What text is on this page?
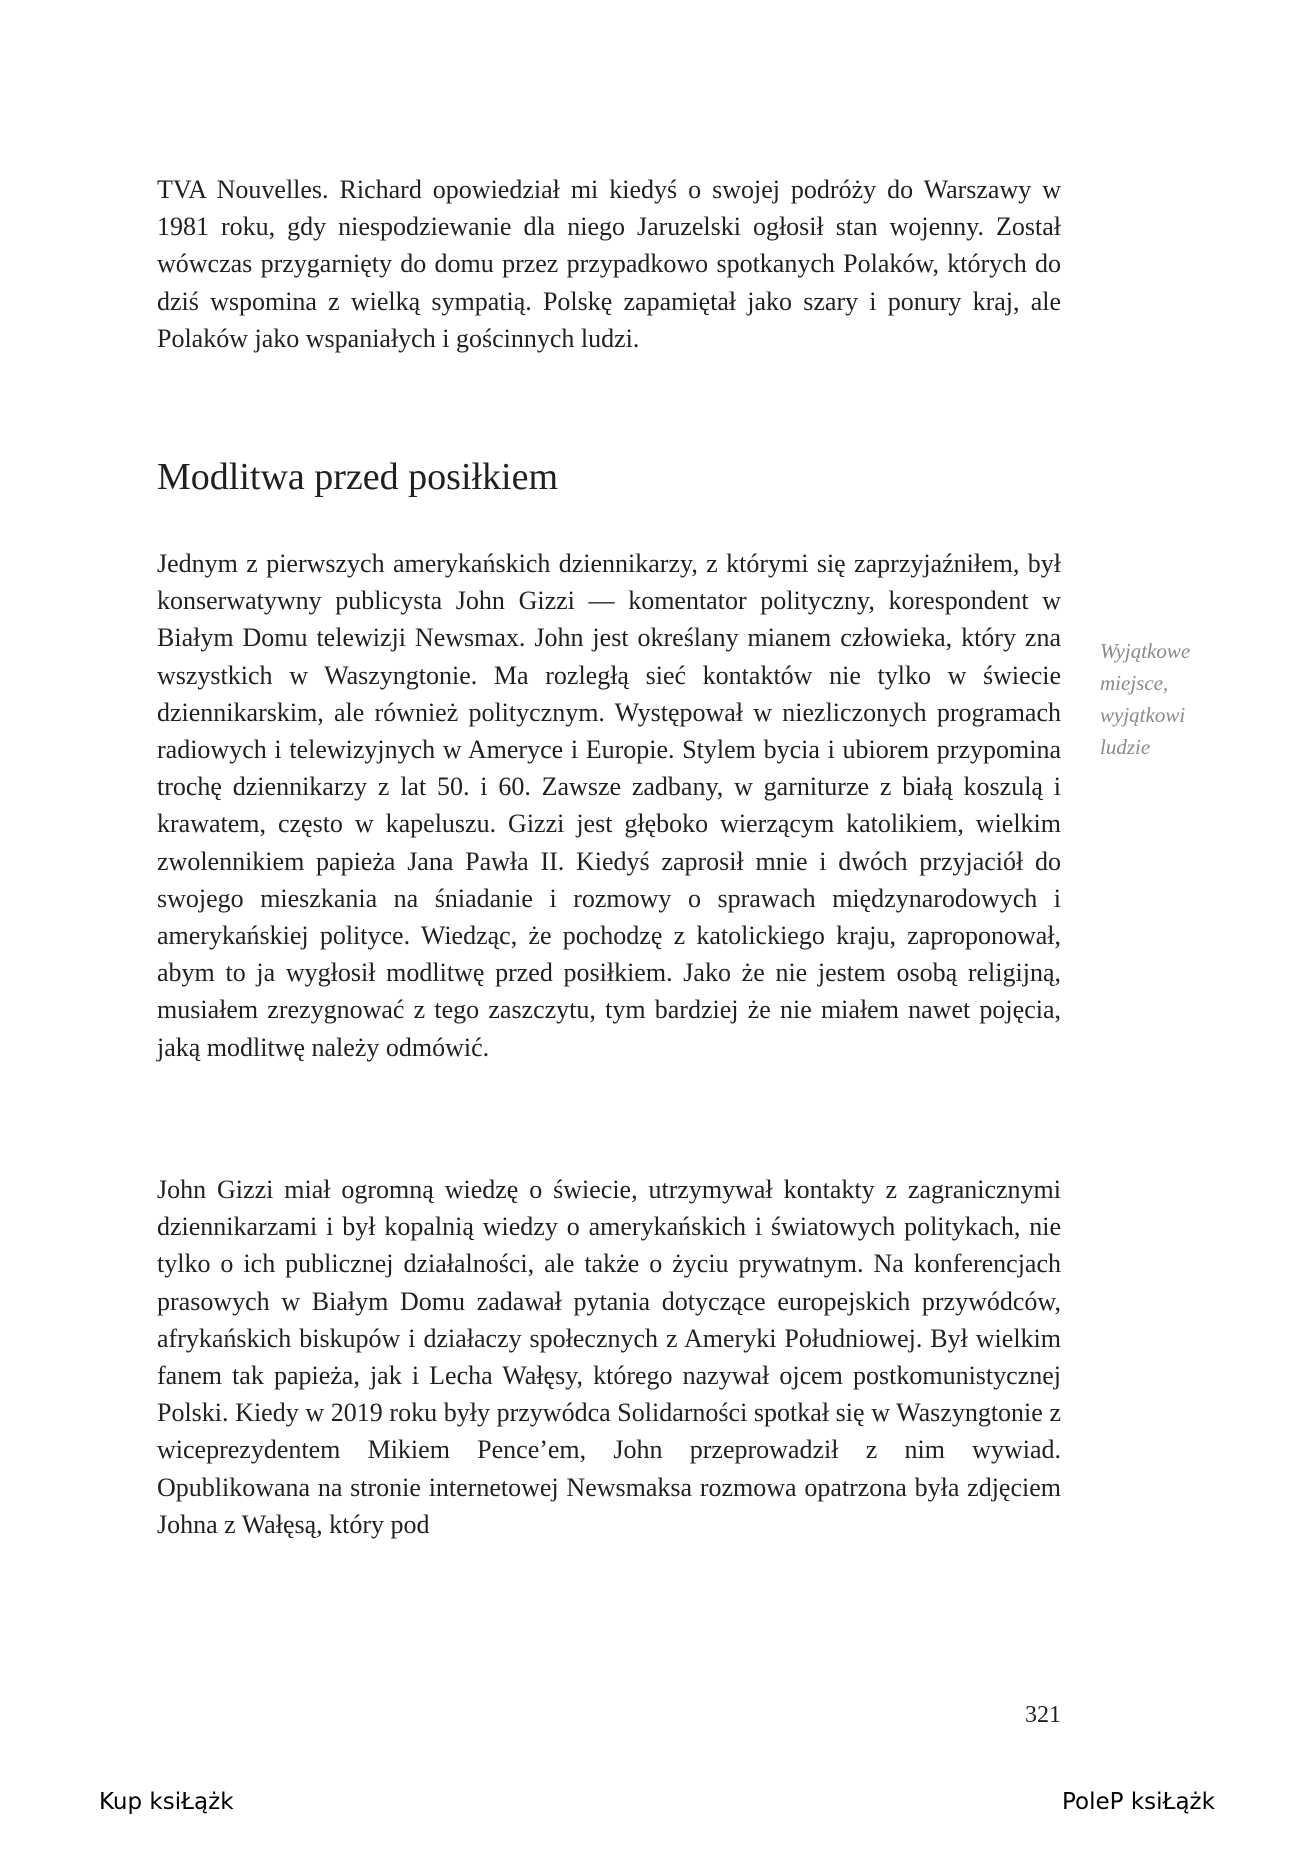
TVA Nouvelles. Richard opowiedział mi kiedyś o swojej podróży do Warszawy w 1981 roku, gdy niespodziewanie dla niego Jaruzelski ogłosił stan wojenny. Został wówczas przygarnięty do domu przez przypadkowo spotkanych Polaków, których do dziś wspomina z wielką sympatią. Polskę zapamiętał jako szary i ponury kraj, ale Polaków jako wspaniałych i gościnnych ludzi.

Modlitwa przed posiłkiem

Jednym z pierwszych amerykańskich dziennikarzy, z którymi się zaprzyjaźniłem, był konserwatywny publicysta John Gizzi — komentator polityczny, korespondent w Białym Domu telewizji Newsmax. John jest określany mianem człowieka, który zna wszystkich w Waszyngtonie. Ma rozległą sieć kontaktów nie tylko w świecie dziennikarskim, ale również politycznym. Występował w niezliczonych programach radiowych i telewizyjnych w Ameryce i Europie. Stylem bycia i ubiorem przypomina trochę dziennikarzy z lat 50. i 60. Zawsze zadbany, w garniturze z białą koszulą i krawatem, często w kapeluszu. Gizzi jest głęboko wierzącym katolikiem, wielkim zwolennikiem papieża Jana Pawła II. Kiedyś zaprosił mnie i dwóch przyjaciół do swojego mieszkania na śniadanie i rozmowy o sprawach międzynarodowych i amerykańskiej polityce. Wiedząc, że pochodzę z katolickiego kraju, zaproponował, abym to ja wygłosił modlitwę przed posiłkiem. Jako że nie jestem osobą religijną, musiałem zrezygnować z tego zaszczytu, tym bardziej że nie miałem nawet pojęcia, jaką modlitwę należy odmówić.

John Gizzi miał ogromną wiedzę o świecie, utrzymywał kontakty z zagranicznymi dziennikarzami i był kopalnią wiedzy o amerykańskich i światowych politykach, nie tylko o ich publicznej działalności, ale także o życiu prywatnym. Na konferencjach prasowych w Białym Domu zadawał pytania dotyczące europejskich przywódców, afrykańskich biskupów i działaczy społecznych z Ameryki Południowej. Był wielkim fanem tak papieża, jak i Lecha Wałęsy, którego nazywał ojcem postkomunistycznej Polski. Kiedy w 2019 roku były przywódca Solidarności spotkał się w Waszyngtonie z wiceprezydentem Mikiem Pence’em, John przeprowadził z nim wywiad. Opublikowana na stronie internetowej Newsmaksa rozmowa opatrzona była zdjęciem Johna z Wałęsą, który pod

Wyjątkowe
miejsce,
wyjątkowi
ludzie
321
Kup ksiŁążk	PoleP ksiŁążk
